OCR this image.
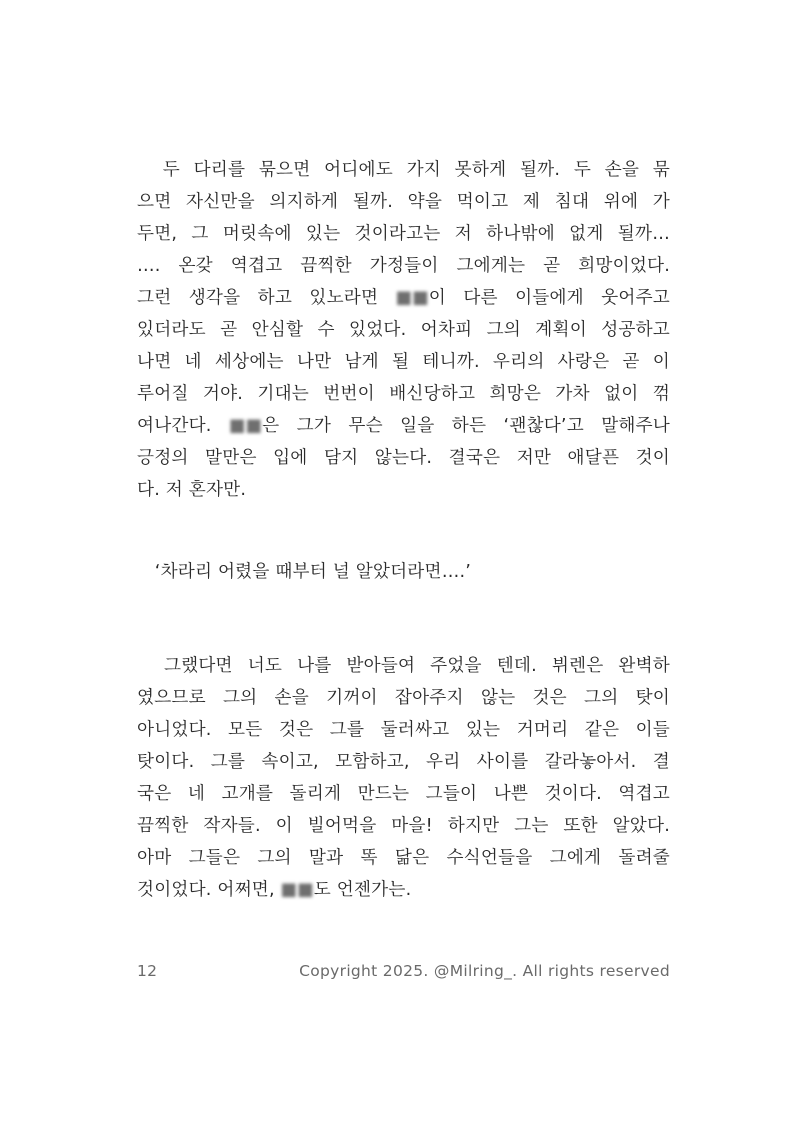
　두 다리를 묶으면 어디에도 가지 못하게 될까. 두 손을 묶
으면 자신만을 의지하게 될까. 약을 먹이고 제 침대 위에 가
두면, 그 머릿속에 있는 것이라고는 저 하나밖에 없게 될까…
…. 온갖 역겹고 끔찍한 가정들이 그에게는 곧 희망이었다.
그런 생각을 하고 있노라면 ■■이 다른 이들에게 웃어주고
있더라도 곧 안심할 수 있었다. 어차피 그의 계획이 성공하고
나면 네 세상에는 나만 남게 될 테니까. 우리의 사랑은 곧 이
루어질 거야. 기대는 번번이 배신당하고 희망은 가차 없이 꺾
여나간다. ■■은 그가 무슨 일을 하든 ‘괜찮다’고 말해주나
긍정의 말만은 입에 담지 않는다. 결국은 저만 애달픈 것이
다. 저 혼자만.
　‘차라리 어렸을 때부터 널 알았더라면….’
　그랬다면 너도 나를 받아들여 주었을 텐데. 뷔렌은 완벽하
였으므로 그의 손을 기꺼이 잡아주지 않는 것은 그의 탓이
아니었다. 모든 것은 그를 둘러싸고 있는 거머리 같은 이들
탓이다. 그를 속이고, 모함하고, 우리 사이를 갈라놓아서. 결
국은 네 고개를 돌리게 만드는 그들이 나쁜 것이다. 역겹고
끔찍한 작자들. 이 빌어먹을 마을! 하지만 그는 또한 알았다.
아마 그들은 그의 말과 똑 닮은 수식언들을 그에게 돌려줄
것이었다. 어쩌면, ■■도 언젠가는.
12	Copyright 2025. @Milring_. All rights reserved
